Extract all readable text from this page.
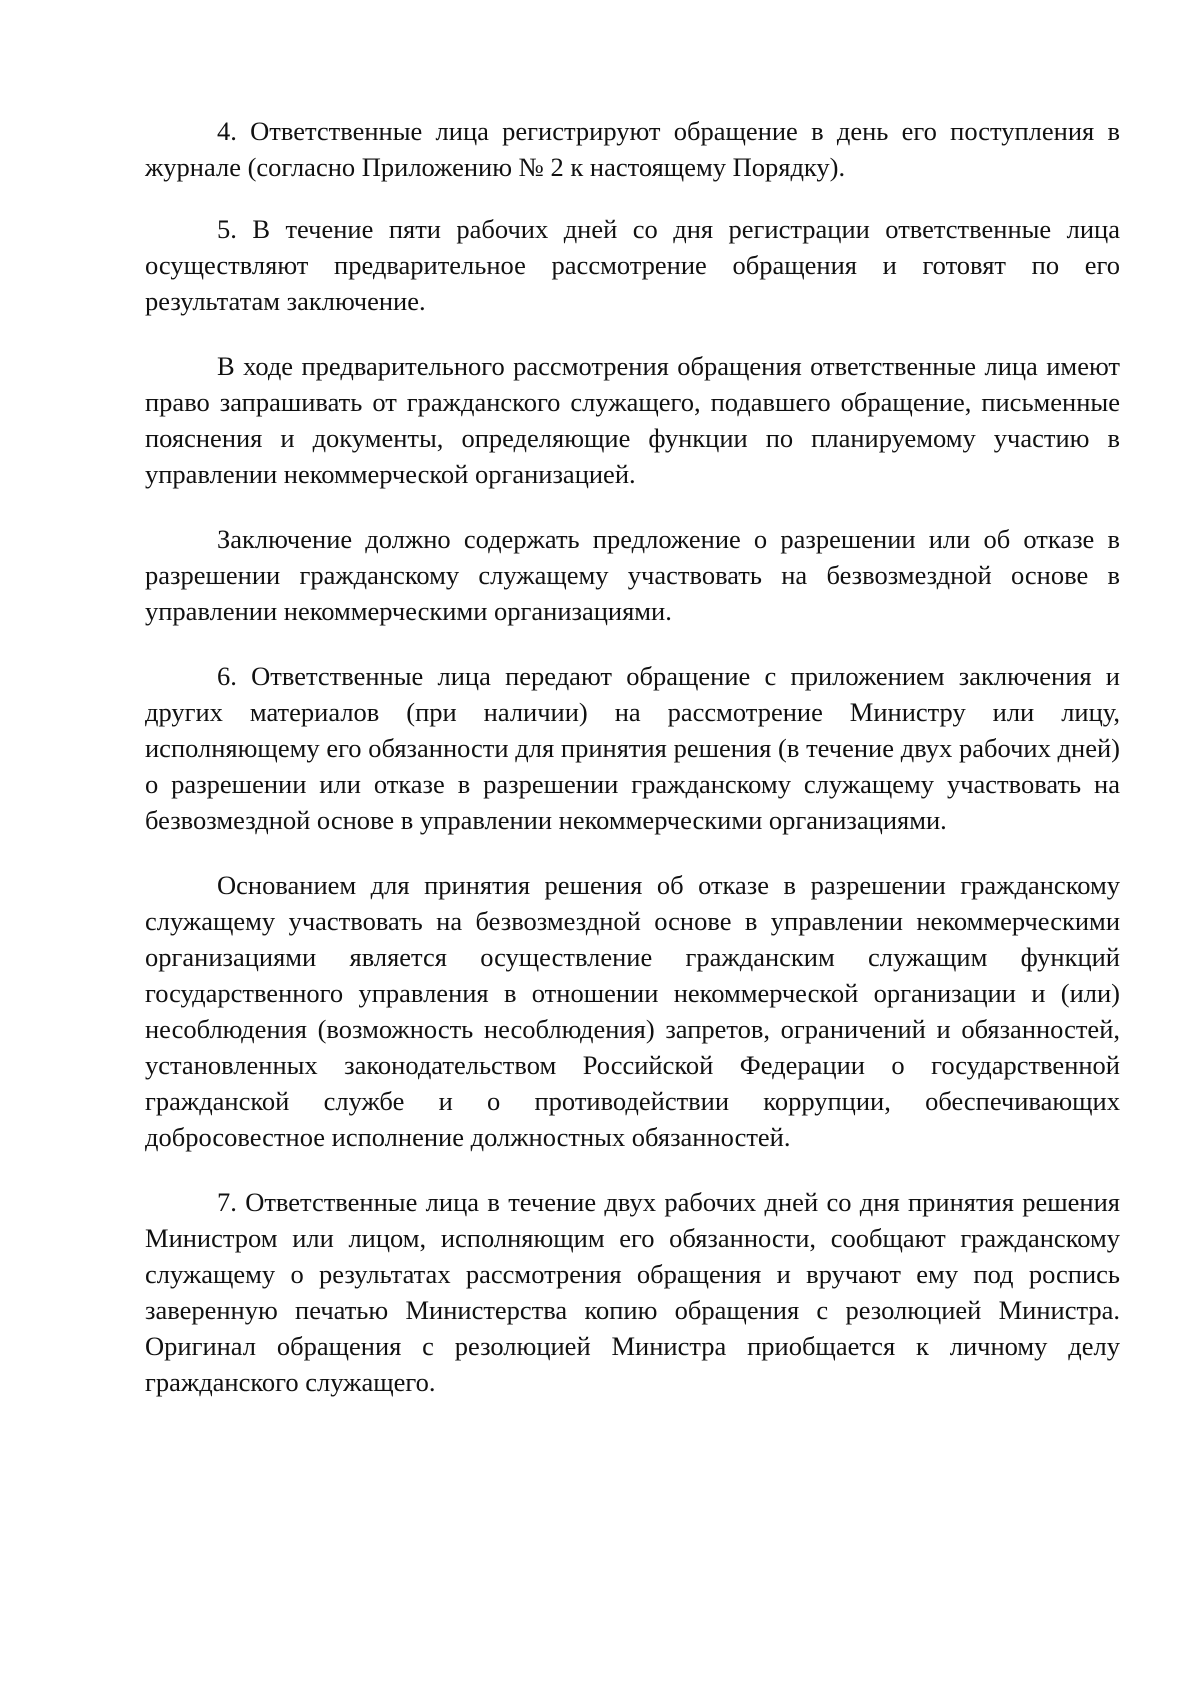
4. Ответственные лица регистрируют обращение в день его поступления в журнале (согласно Приложению № 2 к настоящему Порядку).

5. В течение пяти рабочих дней со дня регистрации ответственные лица осуществляют предварительное рассмотрение обращения и готовят по его результатам заключение.

В ходе предварительного рассмотрения обращения ответственные лица имеют право запрашивать от гражданского служащего, подавшего обращение, письменные пояснения и документы, определяющие функции по планируемому участию в управлении некоммерческой организацией.

Заключение должно содержать предложение о разрешении или об отказе в разрешении гражданскому служащему участвовать на безвозмездной основе в управлении некоммерческими организациями.

6. Ответственные лица передают обращение с приложением заключения и других материалов (при наличии) на рассмотрение Министру или лицу, исполняющему его обязанности для принятия решения (в течение двух рабочих дней) о разрешении или отказе в разрешении гражданскому служащему участвовать на безвозмездной основе в управлении некоммерческими организациями.

Основанием для принятия решения об отказе в разрешении гражданскому служащему участвовать на безвозмездной основе в управлении некоммерческими организациями является осуществление гражданским служащим функций государственного управления в отношении некоммерческой организации и (или) несоблюдения (возможность несоблюдения) запретов, ограничений и обязанностей, установленных законодательством Российской Федерации о государственной гражданской службе и о противодействии коррупции, обеспечивающих добросовестное исполнение должностных обязанностей.

7. Ответственные лица в течение двух рабочих дней со дня принятия решения Министром или лицом, исполняющим его обязанности, сообщают гражданскому служащему о результатах рассмотрения обращения и вручают ему под роспись заверенную печатью Министерства копию обращения с резолюцией Министра. Оригинал обращения с резолюцией Министра приобщается к личному делу гражданского служащего.
